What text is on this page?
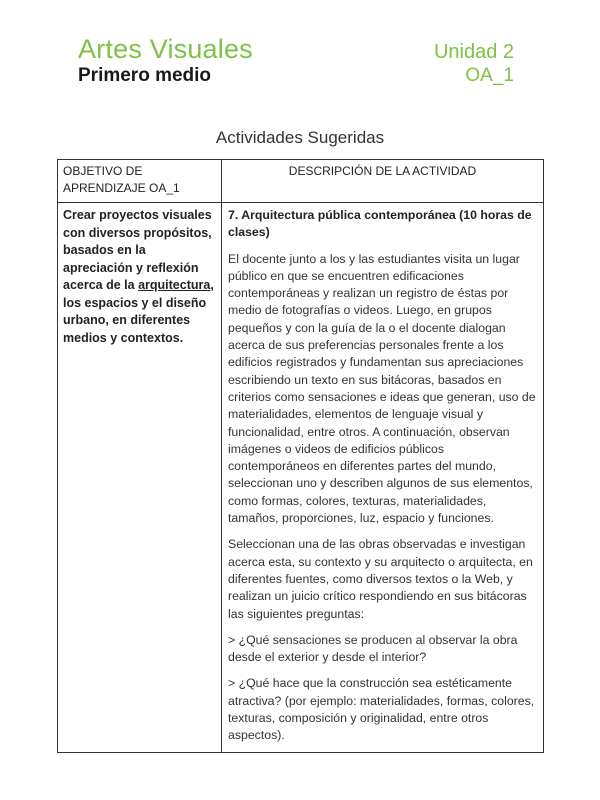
Artes Visuales	Unidad 2
Primero medio	OA_1
Actividades Sugeridas
OBJETIVO DE APRENDIZAJE OA_1	DESCRIPCIÓN DE LA ACTIVIDAD
Crear proyectos visuales con diversos propósitos, basados en la apreciación y reflexión acerca de la arquitectura, los espacios y el diseño urbano, en diferentes medios y contextos.	7. Arquitectura pública contemporánea (10 horas de clases)

El docente junto a los y las estudiantes visita un lugar público en que se encuentren edificaciones contemporáneas y realizan un registro de éstas por medio de fotografías o videos. Luego, en grupos pequeños y con la guía de la o el docente dialogan acerca de sus preferencias personales frente a los edificios registrados y fundamentan sus apreciaciones escribiendo un texto en sus bitácoras, basados en criterios como sensaciones e ideas que generan, uso de materialidades, elementos de lenguaje visual y funcionalidad, entre otros. A continuación, observan imágenes o videos de edificios públicos contemporáneos en diferentes partes del mundo, seleccionan uno y describen algunos de sus elementos, como formas, colores, texturas, materialidades, tamaños, proporciones, luz, espacio y funciones.

Seleccionan una de las obras observadas e investigan acerca esta, su contexto y su arquitecto o arquitecta, en diferentes fuentes, como diversos textos o la Web, y realizan un juicio crítico respondiendo en sus bitácoras las siguientes preguntas:

> ¿Qué sensaciones se producen al observar la obra desde el exterior y desde el interior?

> ¿Qué hace que la construcción sea estéticamente atractiva? (por ejemplo: materialidades, formas, colores, texturas, composición y originalidad, entre otros aspectos).
